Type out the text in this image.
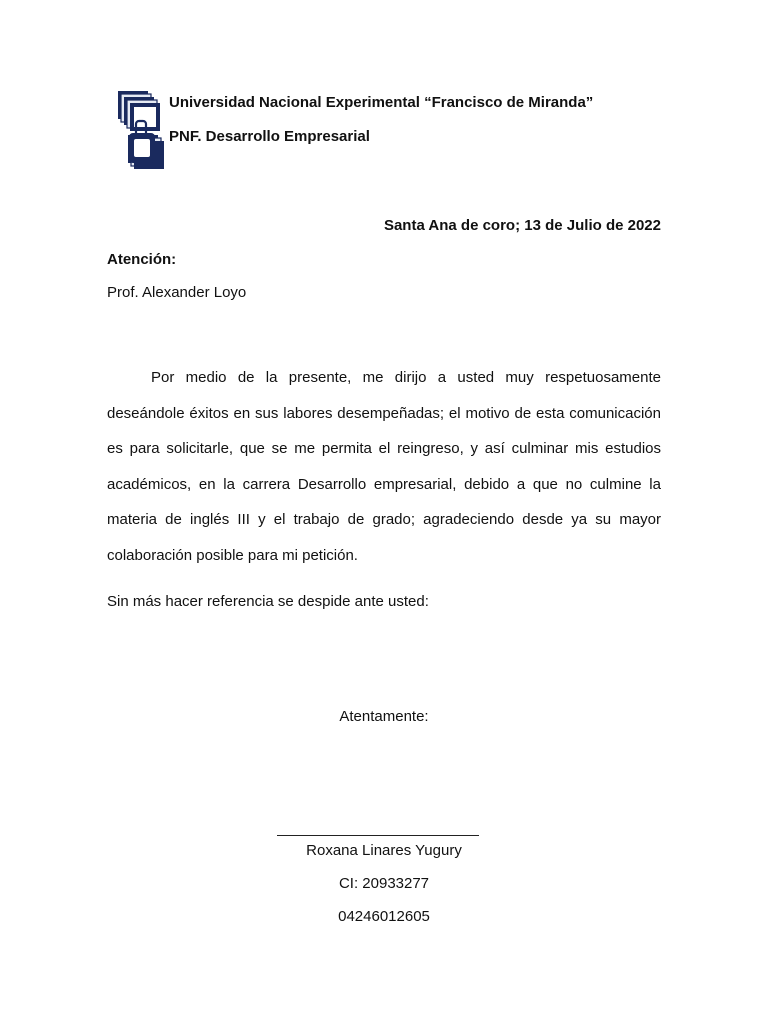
Universidad Nacional Experimental “Francisco de Miranda”
PNF. Desarrollo Empresarial
Santa Ana de coro; 13 de Julio de 2022
Atención:
Prof. Alexander Loyo

Por medio de la presente, me dirijo a usted muy respetuosamente deseándole éxitos en sus labores desempeñadas; el motivo de esta comunicación es para solicitarle, que se me permita el reingreso, y así culminar mis estudios académicos, en la carrera Desarrollo empresarial, debido a que no culmine la materia de inglés III y el trabajo de grado; agradeciendo desde ya su mayor colaboración posible para mi petición.

Sin más hacer referencia se despide ante usted:
Atentamente:
Roxana Linares Yugury
CI: 20933277
04246012605
